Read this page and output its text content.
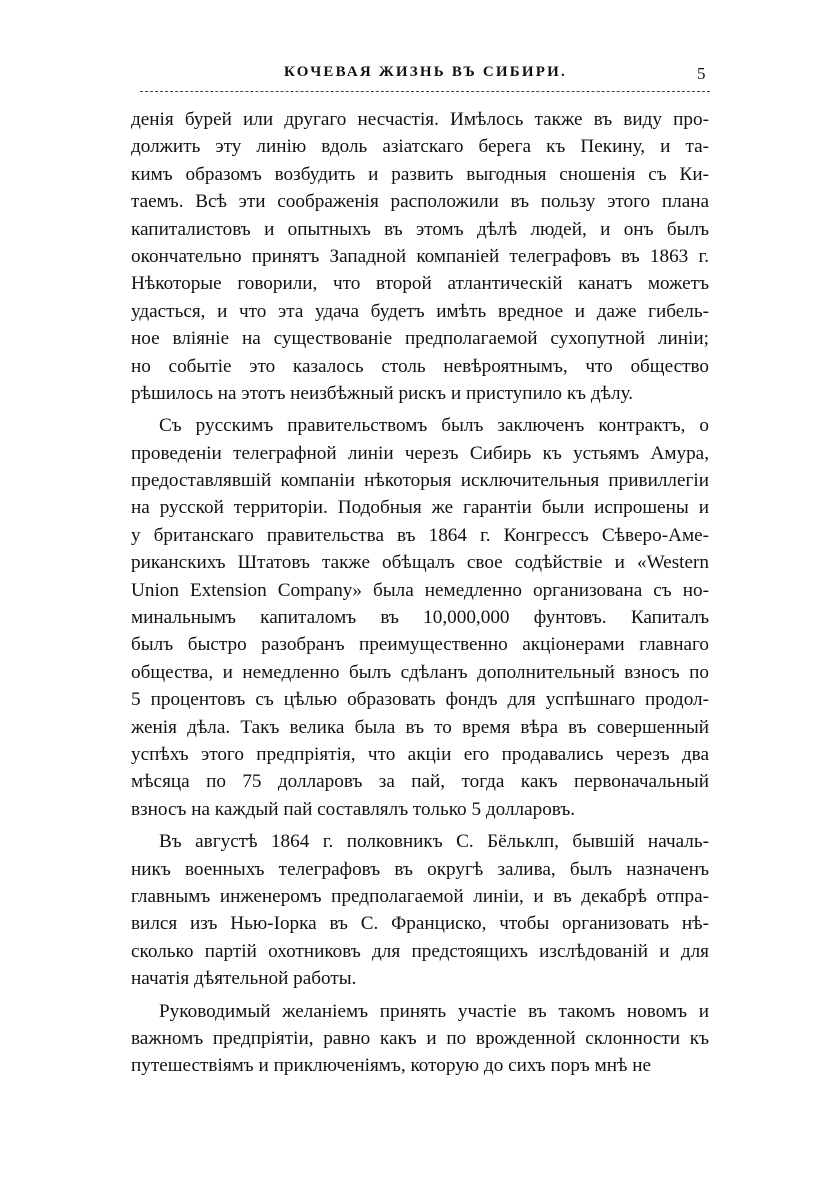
КОЧЕВАЯ ЖИЗНЬ ВЪ СИБИРИ.	5
денія бурей или другаго несчастія. Имѣлось также въ виду про-
должить эту линію вдоль азіатскаго берега къ Пекину, и та-
кимъ образомъ возбудить и развить выгодныя сношенія съ Ки-
таемъ. Всѣ эти соображенія расположили въ пользу этого плана
капиталистовъ и опытныхъ въ этомъ дѣлѣ людей, и онъ былъ
окончательно принятъ Западной компаніей телеграфовъ въ 1863 г.
Нѣкоторые говорили, что второй атлантическій канатъ можетъ
удасться, и что эта удача будетъ имѣть вредное и даже гибель-
ное вліяніе на существованіе предполагаемой сухопутной линіи;
но событіе это казалось столь невѣроятнымъ, что общество
рѣшилось на этотъ неизбѣжный рискъ и приступило къ дѣлу.
Съ русскимъ правительствомъ былъ заключенъ контрактъ, о
проведеніи телеграфной линіи черезъ Сибирь къ устьямъ Амура,
предоставлявшій компаніи нѣкоторыя исключительныя привиллегіи
на русской территоріи. Подобныя же гарантіи были испрошены и
у британскаго правительства въ 1864 г. Конгрессъ Сѣверо-Аме-
риканскихъ Штатовъ также обѣщалъ свое содѣйствіе и «Western
Union Extension Company» была немедленно организована съ но-
минальнымъ капиталомъ въ 10,000,000 фунтовъ. Капиталъ
былъ быстро разобранъ преимущественно акціонерами главнаго
общества, и немедленно былъ сдѣланъ дополнительный взносъ по
5 процентовъ съ цѣлью образовать фондъ для успѣшнаго продол-
женія дѣла. Такъ велика была въ то время вѣра въ совершенный
успѣхъ этого предпріятія, что акціи его продавались черезъ два
мѣсяца по 75 долларовъ за пай, тогда какъ первоначальный
взносъ на каждый пай составлялъ только 5 долларовъ.
Въ августѣ 1864 г. полковникъ С. Бёльклп, бывшій началь-
никъ военныхъ телеграфовъ въ округѣ залива, былъ назначенъ
главнымъ инженеромъ предполагаемой линіи, и въ декабрѣ отпра-
вился изъ Нью-Іорка въ С. Франциско, чтобы организовать нѣ-
сколько партій охотниковъ для предстоящихъ изслѣдованій и для
начатія дѣятельной работы.
Руководимый желаніемъ принять участіе въ такомъ новомъ и
важномъ предпріятіи, равно какъ и по врожденной склонности къ
путешествіямъ и приключеніямъ, которую до сихъ поръ мнѣ не
